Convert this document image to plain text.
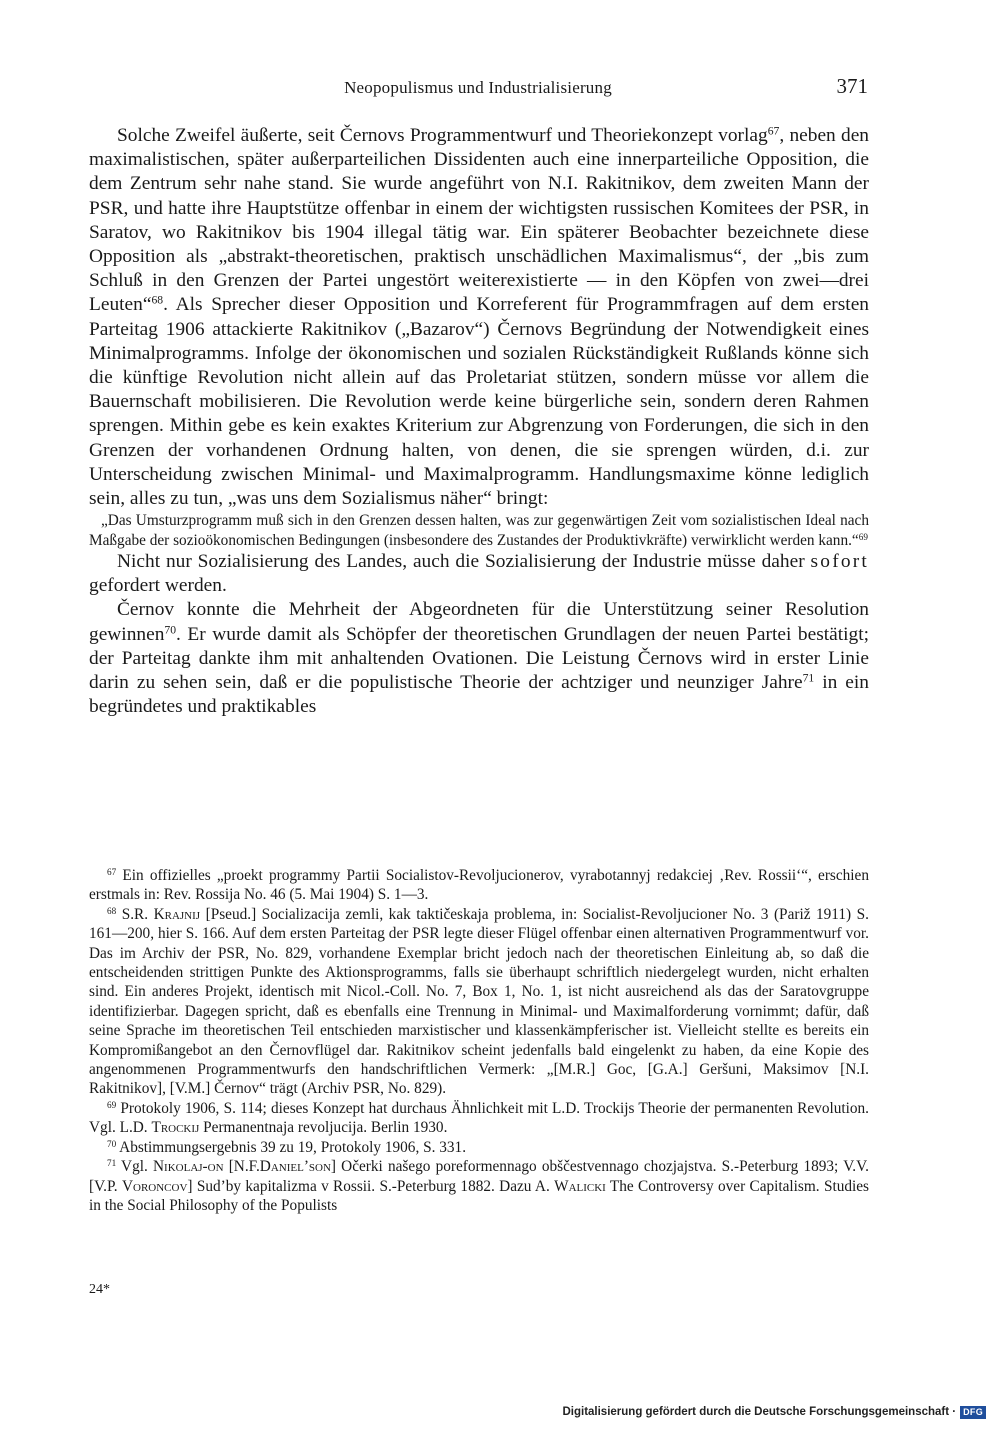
Neopopulismus und Industrialisierung	371

Solche Zweifel äußerte, seit Černovs Programmentwurf und Theoriekonzept vorlag$^{67}$, neben den maximalistischen, später außerparteilichen Dissidenten auch eine innerparteiliche Opposition, die dem Zentrum sehr nahe stand. Sie wurde angeführt von N.I. Rakitnikov, dem zweiten Mann der PSR, und hatte ihre Hauptstütze offenbar in einem der wichtigsten russischen Komitees der PSR, in Saratov, wo Rakitnikov bis 1904 illegal tätig war. Ein späterer Beobachter bezeichnete diese Opposition als „abstrakt-theoretischen, praktisch unschädlichen Maximalismus“, der „bis zum Schluß in den Grenzen der Partei ungestört weiterexistierte — in den Köpfen von zwei—drei Leuten“$^{68}$. Als Sprecher dieser Opposition und Korreferent für Programmfragen auf dem ersten Parteitag 1906 attackierte Rakitnikov („Bazarov“) Černovs Begründung der Notwendigkeit eines Minimalprogramms. Infolge der ökonomischen und sozialen Rückständigkeit Rußlands könne sich die künftige Revolution nicht allein auf das Proletariat stützen, sondern müsse vor allem die Bauernschaft mobilisieren. Die Revolution werde keine bürgerliche sein, sondern deren Rahmen sprengen. Mithin gebe es kein exaktes Kriterium zur Abgrenzung von Forderungen, die sich in den Grenzen der vorhandenen Ordnung halten, von denen, die sie sprengen würden, d.i. zur Unterscheidung zwischen Minimal- und Maximalprogramm. Handlungsmaxime könne lediglich sein, alles zu tun, „was uns dem Sozialismus näher“ bringt:

„Das Umsturzprogramm muß sich in den Grenzen dessen halten, was zur gegenwärtigen Zeit vom sozialistischen Ideal nach Maßgabe der sozioökonomischen Bedingungen (insbesondere des Zustandes der Produktivkräfte) verwirklicht werden kann.“$^{69}$

Nicht nur Sozialisierung des Landes, auch die Sozialisierung der Industrie müsse daher sofort gefordert werden.

Černov konnte die Mehrheit der Abgeordneten für die Unterstützung seiner Resolution gewinnen$^{70}$. Er wurde damit als Schöpfer der theoretischen Grundlagen der neuen Partei bestätigt; der Parteitag dankte ihm mit anhaltenden Ovationen. Die Leistung Černovs wird in erster Linie darin zu sehen sein, daß er die populistische Theorie der achtziger und neunziger Jahre$^{71}$ in ein begründetes und praktikables

$^{67}$ Ein offizielles „proekt programmy Partii Socialistov-Revoljucionerov, vyrabotannyj redakciej ‚Rev. Rossii‘“, erschien erstmals in: Rev. Rossija No. 46 (5. Mai 1904) S. 1—3.

$^{68}$ S.R. Krajnij [Pseud.] Socializacija zemli, kak taktičeskaja problema, in: Socialist-Revoljucioner No. 3 (Pariž 1911) S. 161—200, hier S. 166. Auf dem ersten Parteitag der PSR legte dieser Flügel offenbar einen alternativen Programmentwurf vor. Das im Archiv der PSR, No. 829, vorhandene Exemplar bricht jedoch nach der theoretischen Einleitung ab, so daß die entscheidenden strittigen Punkte des Aktionsprogramms, falls sie überhaupt schriftlich niedergelegt wurden, nicht erhalten sind. Ein anderes Projekt, identisch mit Nicol.-Coll. No. 7, Box 1, No. 1, ist nicht ausreichend als das der Saratovgruppe identifizierbar. Dagegen spricht, daß es ebenfalls eine Trennung in Minimal- und Maximalforderung vornimmt; dafür, daß seine Sprache im theoretischen Teil entschieden marxistischer und klassenkämpferischer ist. Vielleicht stellte es bereits ein Kompromißangebot an den Černovflügel dar. Rakitnikov scheint jedenfalls bald eingelenkt zu haben, da eine Kopie des angenommenen Programmentwurfs den handschriftlichen Vermerk: „[M.R.] Goc, [G.A.] Geršuni, Maksimov [N.I. Rakitnikov], [V.M.] Černov“ trägt (Archiv PSR, No. 829).

$^{69}$ Protokoly 1906, S. 114; dieses Konzept hat durchaus Ähnlichkeit mit L.D. Trockijs Theorie der permanenten Revolution. Vgl. L.D. Trockij Permanentnaja revoljucija. Berlin 1930.

$^{70}$ Abstimmungsergebnis 39 zu 19, Protokoly 1906, S. 331.

$^{71}$ Vgl. Nikolaj-on [N.F.Daniel’son] Očerki našego poreformennago obščestvennago chozjajstva. S.-Peterburg 1893; V.V. [V.P. Voroncov] Sud’by kapitalizma v Rossii. S.-Peterburg 1882. Dazu A. Walicki The Controversy over Capitalism. Studies in the Social Philosophy of the Populists

24*
Digitalisierung gefördert durch die Deutsche Forschungsgemeinschaft · DFG
